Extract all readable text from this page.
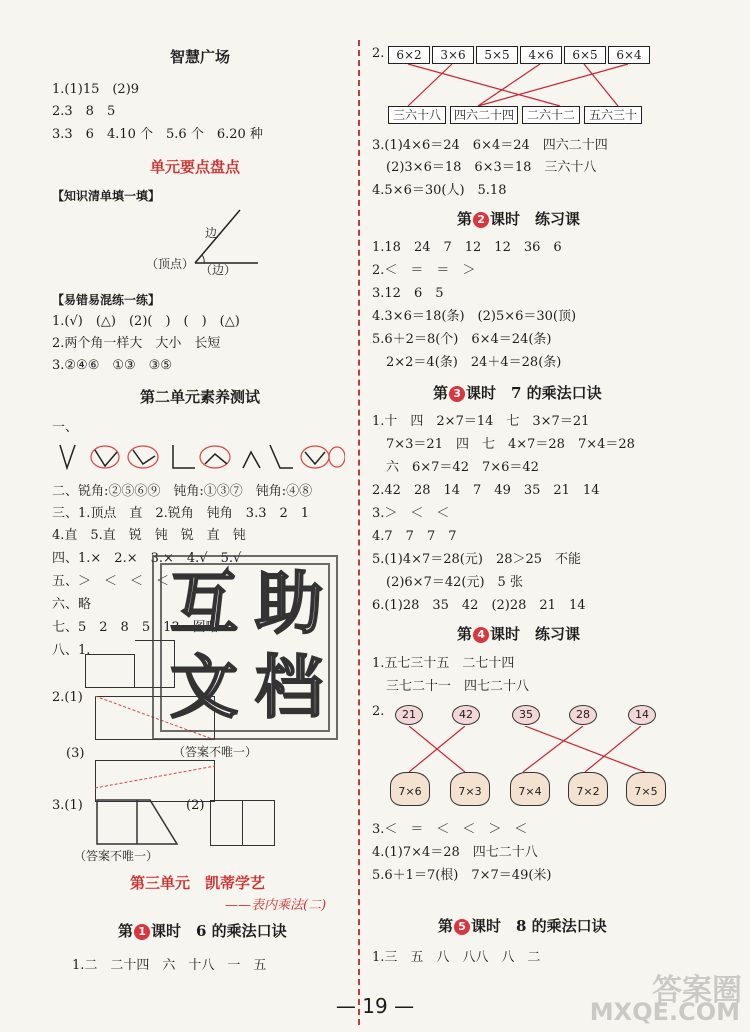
智慧广场
1.(1)15　(2)9
2.3　8　5
3.3　6　4.10 个　5.6 个　6.20 种
单元要点盘点
【知识清单填一填】
边
（顶点） （边）
【易错易混练一练】
1.(√)　(△)　(2)(　)　(　)　(△)
2.两个角一样大　大小　长短
3.②④⑥　①③　③⑤
第二单元素养测试
一、
二、锐角:②⑤⑥⑨　钝角:①③⑦　钝角:④⑧
三、1.顶点　直　2.锐角　钝角　3.3　2　1
4.直　5.直　锐　钝　锐　直　钝
四、1.×　2.×　3.×　4.√　5.√
五、＞　＜　＜　＜
六、略
七、5　2　8　5　13　图略
八、1.
2.(1)
(3)	（答案不唯一）
3.(1)	(2)
（答案不唯一）
第三单元　凯蒂学艺
——表内乘法(二)
第 1 课时　6 的乘法口诀
1.二　二十四　六　十八　一　五
互 助
文 档
2. 6×2	3×6	5×5	4×6	6×5	6×4
三六十八	四六二十四	二六十二	五六三十
3.(1)4×6＝24　6×4＝24　四六二十四
(2)3×6＝18　6×3＝18　三六十八
4.5×6＝30(人)　5.18
第 2 课时　练习课
1.18　24　7　12　12　36　6
2.＜　＝　＝　＞
3.12　6　5
4.3×6＝18(条)　(2)5×6＝30(顶)
5.6＋2＝8(个)　6×4＝24(条)
2×2＝4(条)　24＋4＝28(条)
第 3 课时　7 的乘法口诀
1.十　四　2×7＝14　七　3×7＝21
7×3＝21　四　七　4×7＝28　7×4＝28
六　6×7＝42　7×6＝42
2.42　28　14　7　49　35　21　14
3.＞　＜　＜
4.7　7　7　7
5.(1)4×7＝28(元)　28＞25　不能
(2)6×7＝42(元)　5 张
6.(1)28　35　42　(2)28　21　14
第 4 课时　练习课
1.五七三十五　二七十四
三七二十一　四七二十八
2.	21	42	35	28	14
7×6	7×3	7×4	7×2	7×5
3.＜　＝　＜　＜　＞　＜
4.(1)7×4＝28　四七二十八
5.6＋1＝7(根)　7×7＝49(米)
第 5 课时　8 的乘法口诀
1.三　五　八　八八　八　二
— 19 —	答案圈
MXQE.COM
